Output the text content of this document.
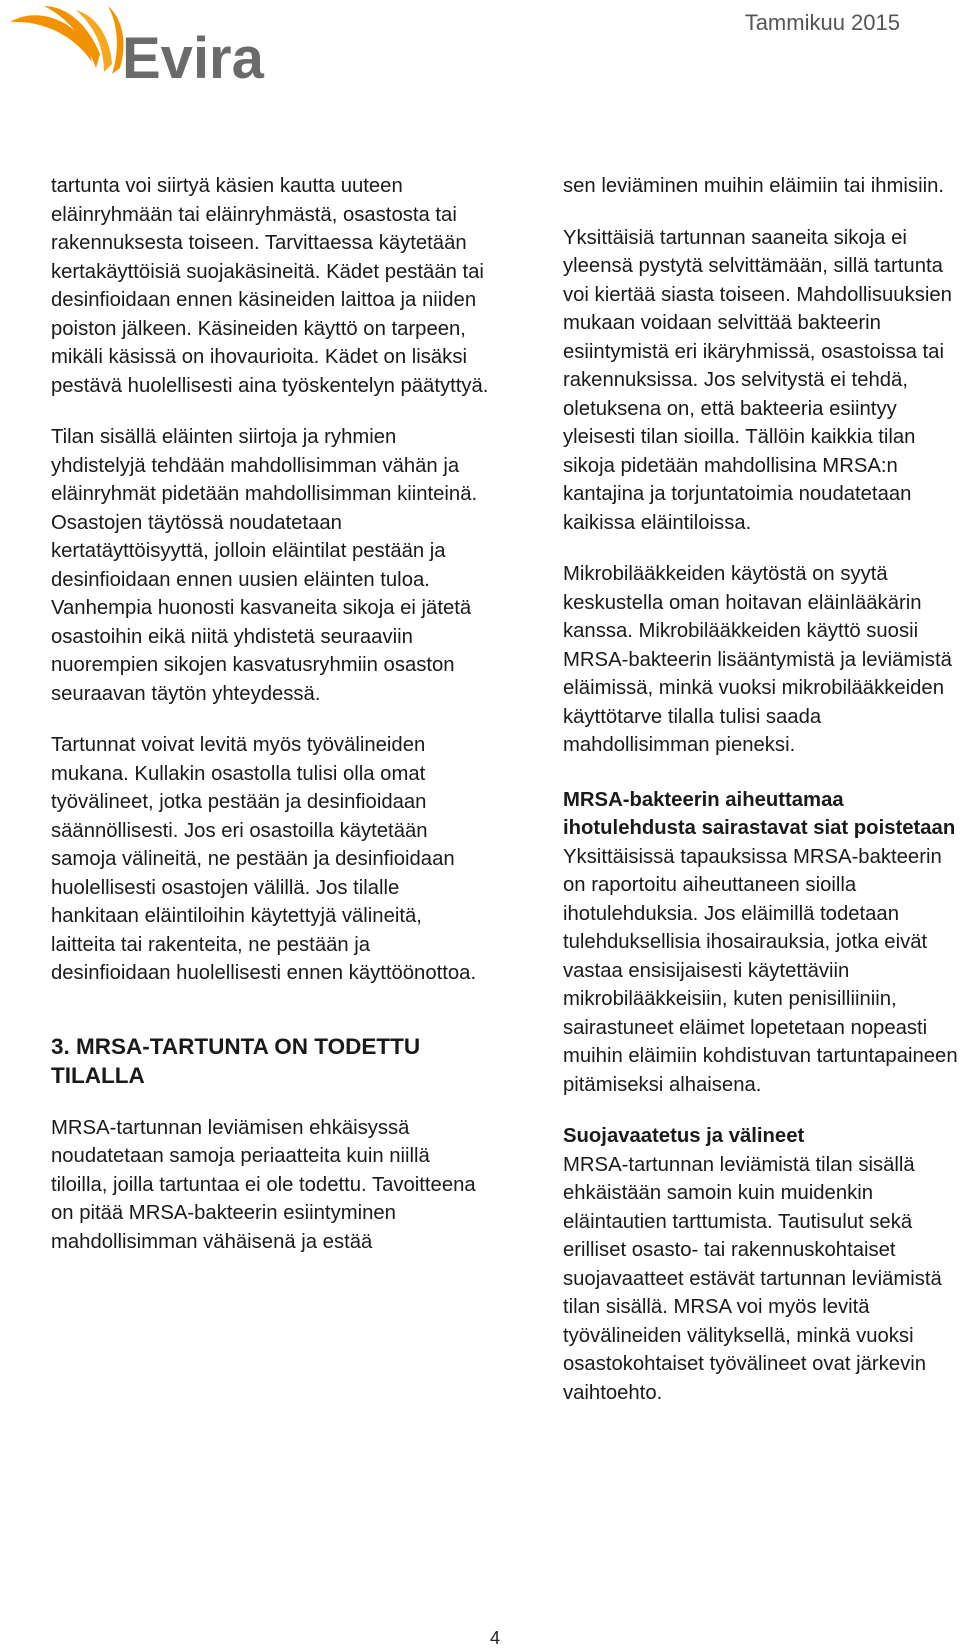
Evira
Tammikuu 2015

tartunta voi siirtyä käsien kautta uuteen eläinryhmään tai eläinryhmästä, osastosta tai rakennuksesta toiseen. Tarvittaessa käytetään kertakäyttöisiä suojakäsineitä. Kädet pestään tai desinfioidaan ennen käsineiden laittoa ja niiden poiston jälkeen. Käsineiden käyttö on tarpeen, mikäli käsissä on ihovaurioita. Kädet on lisäksi pestävä huolellisesti aina työskentelyn päätyttyä.

Tilan sisällä eläinten siirtoja ja ryhmien yhdistelyjä tehdään mahdollisimman vähän ja eläinryhmät pidetään mahdollisimman kiinteinä. Osastojen täytössä noudatetaan kertatäyttöisyyttä, jolloin eläintilat pestään ja desinfioidaan ennen uusien eläinten tuloa. Vanhempia huonosti kasvaneita sikoja ei jätetä osastoihin eikä niitä yhdistetä seuraaviin nuorempien sikojen kasvatusryhmiin osaston seuraavan täytön yhteydessä.

Tartunnat voivat levitä myös työvälineiden mukana. Kullakin osastolla tulisi olla omat työvälineet, jotka pestään ja desinfioidaan säännöllisesti. Jos eri osastoilla käytetään samoja välineitä, ne pestään ja desinfioidaan huolellisesti osastojen välillä. Jos tilalle hankitaan eläintiloihin käytettyjä välineitä, laitteita tai rakenteita, ne pestään ja desinfioidaan huolellisesti ennen käyttöönottoa.

3. MRSA-TARTUNTA ON TODETTU TILALLA

MRSA-tartunnan leviämisen ehkäisyssä noudatetaan samoja periaatteita kuin niillä tiloilla, joilla tartuntaa ei ole todettu. Tavoitteena on pitää MRSA-bakteerin esiintyminen mahdollisimman vähäisenä ja estää

sen leviäminen muihin eläimiin tai ihmisiin.

Yksittäisiä tartunnan saaneita sikoja ei yleensä pystytä selvittämään, sillä tartunta voi kiertää siasta toiseen. Mahdollisuuksien mukaan voidaan selvittää bakteerin esiintymistä eri ikäryhmissä, osastoissa tai rakennuksissa. Jos selvitystä ei tehdä, oletuksena on, että bakteeria esiintyy yleisesti tilan sioilla. Tällöin kaikkia tilan sikoja pidetään mahdollisina MRSA:n kantajina ja torjuntatoimia noudatetaan kaikissa eläintiloissa.

Mikrobilääkkeiden käytöstä on syytä keskustella oman hoitavan eläinlääkärin kanssa. Mikrobilääkkeiden käyttö suosii MRSA-bakteerin lisääntymistä ja leviämistä eläimissä, minkä vuoksi mikrobilääkkeiden käyttötarve tilalla tulisi saada mahdollisimman pieneksi.

MRSA-bakteerin aiheuttamaa ihotulehdusta sairastavat siat poistetaan

Yksittäisissä tapauksissa MRSA-bakteerin on raportoitu aiheuttaneen sioilla ihotulehduksia. Jos eläimillä todetaan tulehduksellisia ihosairauksia, jotka eivät vastaa ensisijaisesti käytettäviin mikrobilääkkeisiin, kuten penisilliiniin, sairastuneet eläimet lopetetaan nopeasti muihin eläimiin kohdistuvan tartuntapaineen pitämiseksi alhaisena.

Suojavaatetus ja välineet

MRSA-tartunnan leviämistä tilan sisällä ehkäistään samoin kuin muidenkin eläintautien tarttumista. Tautisulut sekä erilliset osasto- tai rakennuskohtaiset suojavaatteet estävät tartunnan leviämistä tilan sisällä. MRSA voi myös levitä työvälineiden välityksellä, minkä vuoksi osastokohtaiset työvälineet ovat järkevin vaihtoehto.

4
